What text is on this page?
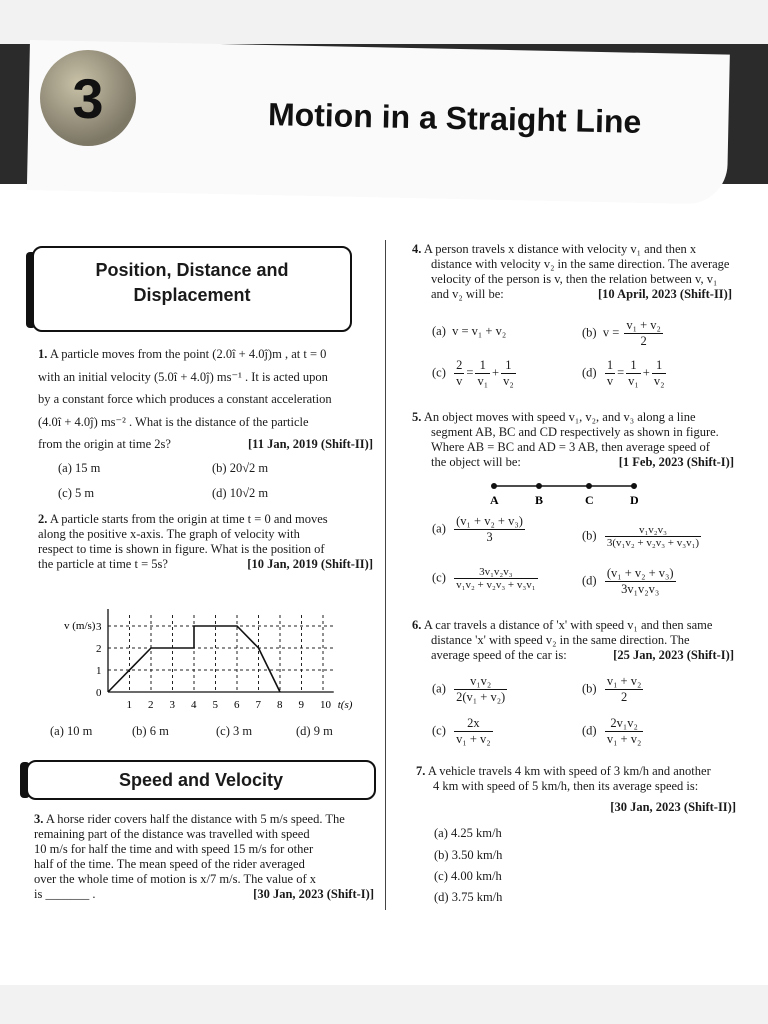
3	Motion in a Straight Line
Position, Distance and
Displacement
1. A particle moves from the point (2.0î + 4.0ĵ)m , at t = 0
with an initial velocity (5.0î + 4.0ĵ) ms⁻¹ . It is acted upon
by a constant force which produces a constant acceleration
(4.0î + 4.0ĵ) ms⁻² . What is the distance of the particle
from the origin at time 2s?	[11 Jan, 2019 (Shift-II)]
(a) 15 m	(b) 20√2 m
(c) 5 m	(d) 10√2 m
2. A particle starts from the origin at time t = 0 and moves
along the positive x-axis. The graph of velocity with
respect to time is shown in figure. What is the position of
the particle at time t = 5s?	[10 Jan, 2019 (Shift-II)]
v (m/s)
t(s)
1 2 3 4 5 6 7 8 9 10
0
1
2
3
(a) 10 m	(b) 6 m	(c) 3 m	(d) 9 m
Speed and Velocity
3. A horse rider covers half the distance with 5 m/s speed. The
remaining part of the distance was travelled with speed
10 m/s for half the time and with speed 15 m/s for other
half of the time. The mean speed of the rider averaged
over the whole time of motion is x/7 m/s. The value of x
is _______ .	[30 Jan, 2023 (Shift-I)]
4. A person travels x distance with velocity v₁ and then x
distance with velocity v₂ in the same direction. The average
velocity of the person is v, then the relation between v, v₁
and v₂ will be:	[10 April, 2023 (Shift-II)]
(a) v = v₁ + v₂	(b) $v = \frac{\text{v₁ + v₂}}{2}$
$(c) \frac{2}{v} = \frac{1}{\text{v₁}} + \frac{1}{\text{v₂}}$	$(d) \frac{1}{v} = \frac{1}{\text{v₁}} + \frac{1}{\text{v₂}}$
5. An object moves with speed v₁, v₂, and v₃ along a line
segment AB, BC and CD respectively as shown in figure.
Where AB = BC and AD = 3 AB, then average speed of
the object will be:	[1 Feb, 2023 (Shift-I)]
A	B	C	D
$(a) \frac{\text{(v₁ + v₂ + v₃)}}{3}$	$(b) \frac{\text{v₁v₂v₃}}{\text{3(v₁v₂ + v₂v₃ + v₃v₁)}}$
$(c) \frac{\text{3v₁v₂v₃}}{\text{v₁v₂ + v₂v₃ + v₃v₁}}$	$(d) \frac{\text{(v₁ + v₂ + v₃)}}{\text{3v₁v₂v₃}}$
6. A car travels a distance of 'x' with speed v₁ and then same
distance 'x' with speed v₂ in the same direction. The
average speed of the car is:	[25 Jan, 2023 (Shift-I)]
$(a) \frac{\text{v₁v₂}}{\text{2(v₁ + v₂)}}$	$(b) \frac{\text{v₁ + v₂}}{2}$
$(c) \frac{2x}{\text{v₁ + v₂}}$	$(d) \frac{\text{2v₁v₂}}{\text{v₁ + v₂}}$
7. A vehicle travels 4 km with speed of 3 km/h and another
4 km with speed of 5 km/h, then its average speed is:
[30 Jan, 2023 (Shift-II)]
(a) 4.25 km/h
(b) 3.50 km/h
(c) 4.00 km/h
(d) 3.75 km/h
